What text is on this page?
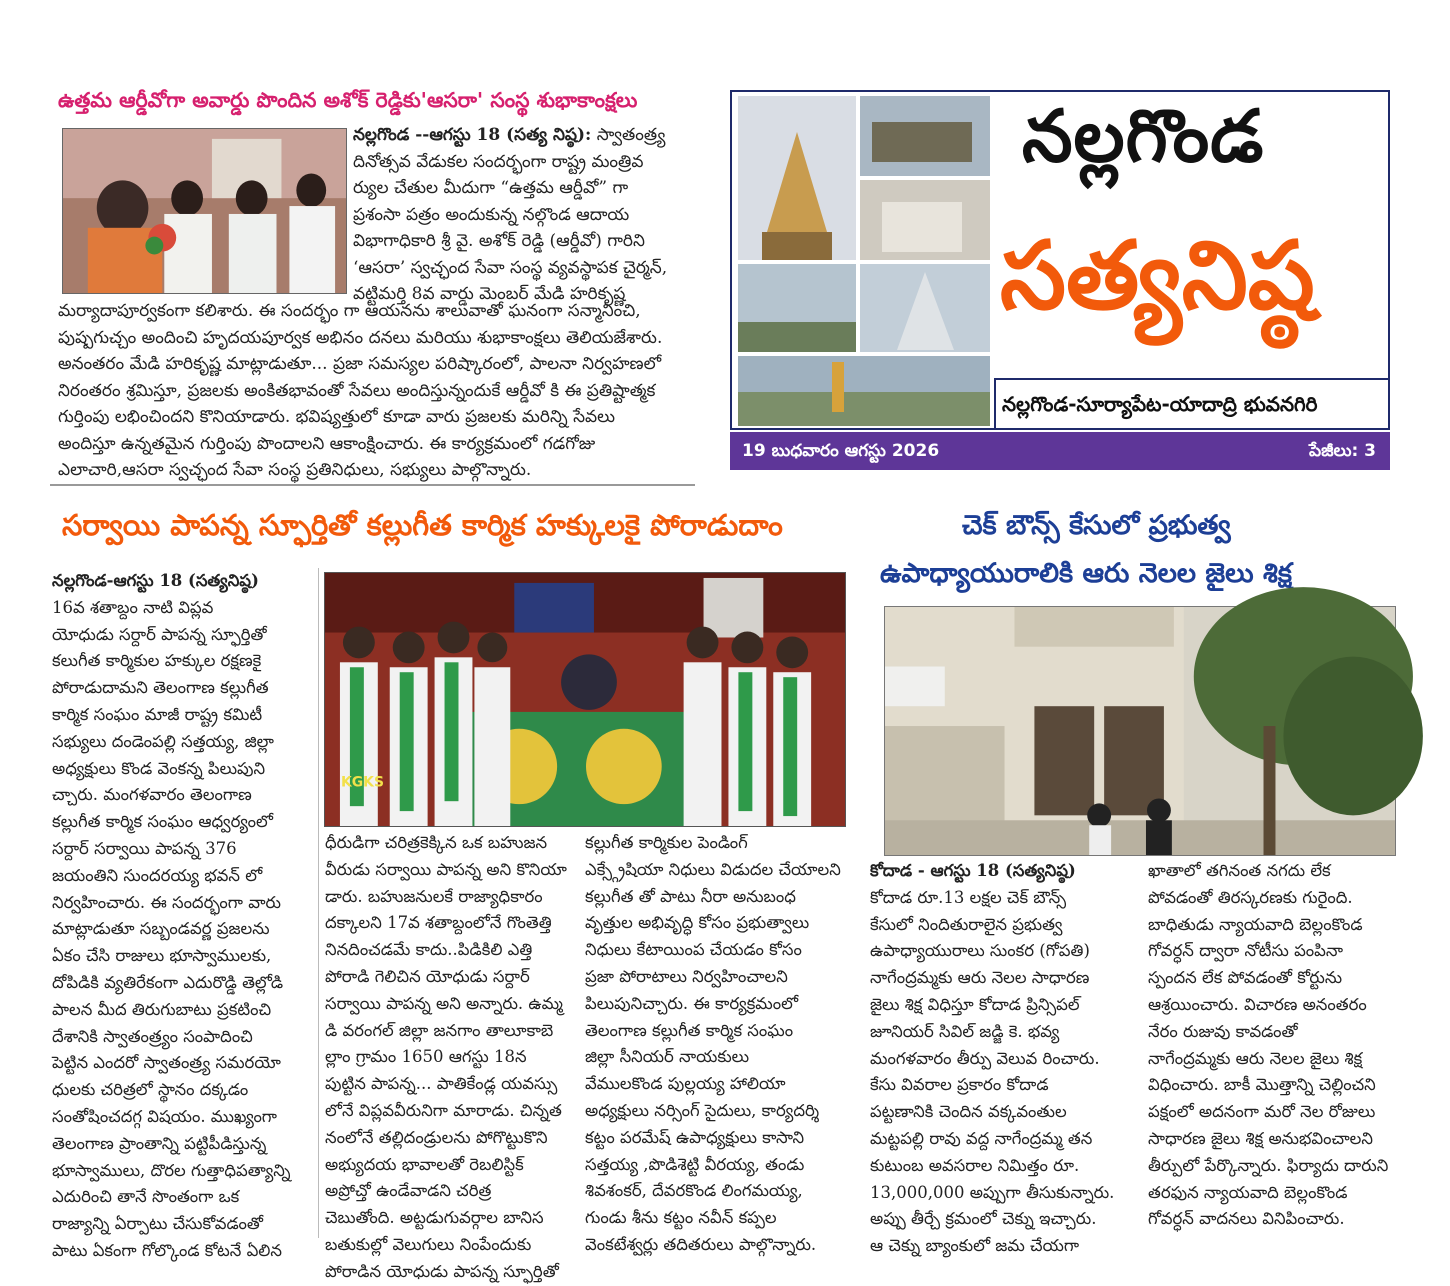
ఉత్తమ ఆర్డీవోగా అవార్డు పొందిన అశోక్ రెడ్డికు'ఆసరా' సంస్థ శుభాకాంక్షలు

నల్లగొండ --ఆగస్టు 18 (సత్య నిష్ఠ): స్వాతంత్ర్య

దినోత్సవ వేడుకల సందర్భంగా రాష్ట్ర మంత్రివ

ర్యుల చేతుల మీదుగా “ఉత్తమ ఆర్డీవో” గా

ప్రశంసా పత్రం అందుకున్న నల్గొండ ఆదాయ

విభాగాధికారి శ్రీ వై. అశోక్ రెడ్డి (ఆర్డీవో) గారిని

‘ఆసరా’ స్వచ్ఛంద సేవా సంస్థ వ్యవస్థాపక చైర్మన్,

వట్టిమర్తి 8వ వార్డు మెంబర్ మేడి హరికృష్ణ

మర్యాదాపూర్వకంగా కలిశారు. ఈ సందర్భం గా ఆయనను శాలువాతో ఘనంగా సన్మానించి,

పుష్పగుచ్చం అందించి హృదయపూర్వక అభినం దనలు మరియు శుభాకాంక్షలు తెలియజేశారు.

అనంతరం మేడి హరికృష్ణ మాట్లాడుతూ... ప్రజా సమస్యల పరిష్కారంలో, పాలనా నిర్వహణలో

నిరంతరం శ్రమిస్తూ, ప్రజలకు అంకితభావంతో సేవలు అందిస్తున్నందుకే ఆర్డీవో కి ఈ ప్రతిష్టాత్మక

గుర్తింపు లభించిందని కొనియాడారు. భవిష్యత్తులో కూడా వారు ప్రజలకు మరిన్ని సేవలు

అందిస్తూ ఉన్నతమైన గుర్తింపు పొందాలని ఆకాంక్షించారు. ఈ కార్యక్రమంలో గడగోజు

ఎలాచారి,ఆసరా స్వచ్ఛంద సేవా సంస్థ ప్రతినిధులు, సభ్యులు పాల్గొన్నారు.

నల్లగొండ
సత్యనిష్ఠ
నల్లగొండ-సూర్యాపేట-యాదాద్రి భువనగిరి
19 బుధవారం ఆగస్టు 2026	పేజీలు: 3
సర్వాయి పాపన్న స్ఫూర్తితో కల్లుగీత కార్మిక హక్కులకై పోరాడుదాం

నల్లగొండ-ఆగస్టు 18 (సత్యనిష్ఠ)

16వ శతాబ్దం నాటి విప్లవ

యోధుడు సర్దార్ పాపన్న స్ఫూర్తితో

కలుగీత కార్మికుల హక్కుల రక్షణకై

పోరాడుదామని తెలంగాణ కల్లుగీత

కార్మిక సంఘం మాజీ రాష్ట్ర కమిటీ

సభ్యులు దండెంపల్లి సత్తయ్య, జిల్లా

అధ్యక్షులు కొండ వెంకన్న పిలుపుని

చ్చారు. మంగళవారం తెలంగాణ

కల్లుగీత కార్మిక సంఘం ఆధ్వర్యంలో

సర్దార్ సర్వాయి పాపన్న 376

జయంతిని సుందరయ్య భవన్ లో

నిర్వహించారు. ఈ సందర్భంగా వారు

మాట్లాడుతూ సబ్బండవర్ణ ప్రజలను

ఏకం చేసి రాజులు భూస్వాములకు,

దోపిడికి వ్యతిరేకంగా ఎదురొడ్డి తెల్లోడి

పాలన మీద తిరుగుబాటు ప్రకటించి

దేశానికి స్వాతంత్ర్యం సంపాదించి

పెట్టిన ఎందరో స్వాతంత్ర్య సమరయో

ధులకు చరిత్రలో స్థానం దక్కడం

సంతోషించదగ్గ విషయం. ముఖ్యంగా

తెలంగాణ ప్రాంతాన్ని పట్టిపీడిస్తున్న

భూస్వాములు, దొరల గుత్తాధిపత్యాన్ని

ఎదురించి తానే సొంతంగా ఒక

రాజ్యాన్ని ఏర్పాటు చేసుకోవడంతో

పాటు ఏకంగా గోల్కొండ కోటనే ఏలిన

KGKS

ధీరుడిగా చరిత్రకెక్కిన ఒక బహుజన

వీరుడు సర్వాయి పాపన్న అని కొనియా

డారు. బహుజనులకే రాజ్యాధికారం

దక్కాలని 17వ శతాబ్దంలోనే గొంతెత్తి

నినదించడమే కాదు..పిడికిలి ఎత్తి

పోరాడి గెలిచిన యోధుడు సర్దార్

సర్వాయి పాపన్న అని అన్నారు. ఉమ్మ

డి వరంగల్ జిల్లా జనగాం తాలూకాబె

ల్లాం గ్రామం 1650 ఆగస్టు 18న

పుట్టిన పాపన్న... పాతికేండ్ల యవస్సు

లోనే విప్లవవీరునిగా మారాడు. చిన్నత

నంలోనే తల్లిదండ్రులను పోగొట్టుకొని

అభ్యుదయ భావాలతో రెబలిస్టిక్

అప్రోచ్తో ఉండేవాడని చరిత్ర

చెబుతోంది. అట్టడుగువర్గాల బానిస

బతుకుల్లో వెలుగులు నింపేందుకు

పోరాడిన యోధుడు పాపన్న స్ఫూర్తితో

కల్లుగీత కార్మికుల పెండింగ్

ఎక్స్గ్రేషియా నిధులు విడుదల చేయాలని

కల్లుగీత తో పాటు నీరా అనుబంధ

వృత్తుల అభివృద్ధి కోసం ప్రభుత్వాలు

నిధులు కేటాయింప చేయడం కోసం

ప్రజా పోరాటాలు నిర్వహించాలని

పిలుపునిచ్చారు. ఈ కార్యక్రమంలో

తెలంగాణ కల్లుగీత కార్మిక సంఘం

జిల్లా సీనియర్ నాయకులు

వేములకొండ పుల్లయ్య హాలియా

అధ్యక్షులు నర్సింగ్ సైదులు, కార్యదర్శి

కట్టం పరమేష్ ఉపాధ్యక్షులు కాసాని

సత్తయ్య ,పొడిశెట్టి వీరయ్య, తండు

శివశంకర్, దేవరకొండ లింగమయ్య,

గుండు శీను కట్టం నవీన్ కప్పల

వెంకటేశ్వర్లు తదితరులు పాల్గొన్నారు.

చెక్ బౌన్స్ కేసులో ప్రభుత్వ
ఉపాధ్యాయురాలికి ఆరు నెలల జైలు శిక్ష

కోదాడ - ఆగస్టు 18 (సత్యనిష్ఠ)

కోదాడ రూ.13 లక్షల చెక్ బౌన్స్

కేసులో నిందితురాలైన ప్రభుత్వ

ఉపాధ్యాయురాలు సుంకర (గోపతి)

నాగేంద్రమ్మకు ఆరు నెలల సాధారణ

జైలు శిక్ష విధిస్తూ కోదాడ ప్రిన్సిపల్

జూనియర్ సివిల్ జడ్జి కె. భవ్య

మంగళవారం తీర్పు వెలువ రించారు.

కేసు వివరాల ప్రకారం కోదాడ

పట్టణానికి చెందిన వక్కవంతుల

మట్టపల్లి రావు వద్ద నాగేంద్రమ్మ తన

కుటుంబ అవసరాల నిమిత్తం రూ.

13,000,000 అప్పుగా తీసుకున్నారు.

అప్పు తీర్చే క్రమంలో చెక్ను ఇచ్చారు.

ఆ చెక్ను బ్యాంకులో జమ చేయగా

ఖాతాలో తగినంత నగదు లేక

పోవడంతో తిరస్కరణకు గురైంది.

బాధితుడు న్యాయవాది బెల్లంకొండ

గోవర్ధన్ ద్వారా నోటీసు పంపినా

స్పందన లేక పోవడంతో కోర్టును

ఆశ్రయించారు. విచారణ అనంతరం

నేరం రుజువు కావడంతో

నాగేంద్రమ్మకు ఆరు నెలల జైలు శిక్ష

విధించారు. బాకీ మొత్తాన్ని చెల్లించని

పక్షంలో అదనంగా మరో నెల రోజులు

సాధారణ జైలు శిక్ష అనుభవించాలని

తీర్పులో పేర్కొన్నారు. ఫిర్యాదు దారుని

తరఫున న్యాయవాది బెల్లంకొండ

గోవర్ధన్ వాదనలు వినిపించారు.
